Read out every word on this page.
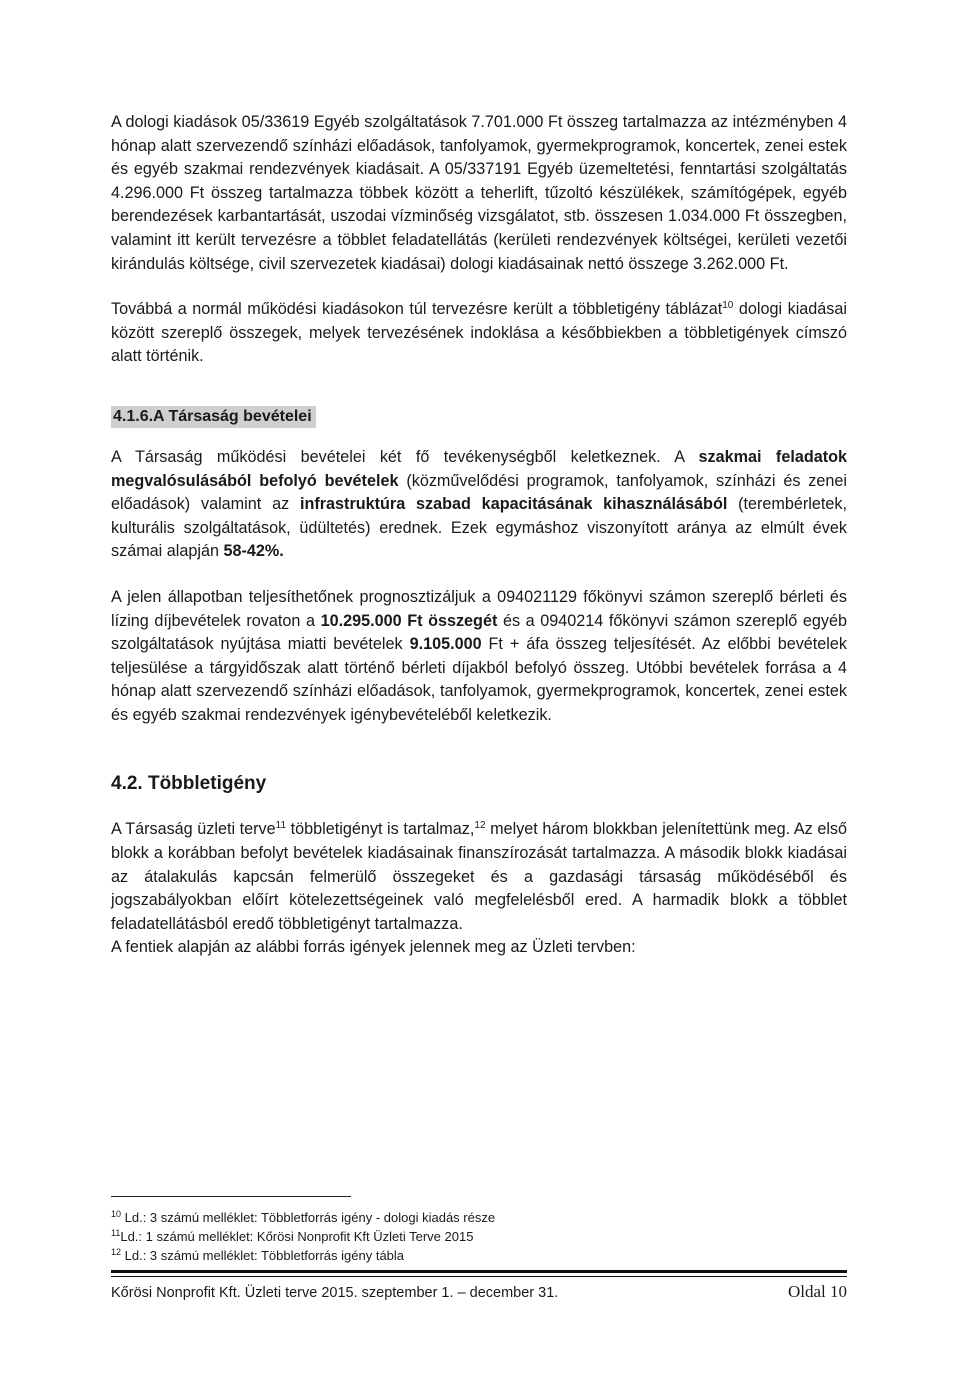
A dologi kiadások 05/33619 Egyéb szolgáltatások 7.701.000 Ft összeg tartalmazza az intézményben 4 hónap alatt szervezendő színházi előadások, tanfolyamok, gyermekprogramok, koncertek, zenei estek és egyéb szakmai rendezvények kiadásait. A 05/337191 Egyéb üzemeltetési, fenntartási szolgáltatás 4.296.000 Ft összeg tartalmazza többek között a teherlift, tűzoltó készülékek, számítógépek, egyéb berendezések karbantartását, uszodai vízminőség vizsgálatot, stb. összesen 1.034.000 Ft összegben, valamint itt került tervezésre a többlet feladatellátás (kerületi rendezvények költségei, kerületi vezetői kirándulás költsége, civil szervezetek kiadásai) dologi kiadásainak nettó összege 3.262.000 Ft.

Továbbá a normál működési kiadásokon túl tervezésre került a többletigény táblázat$^{10}$ dologi kiadásai között szereplő összegek, melyek tervezésének indoklása a későbbiekben a többletigények címszó alatt történik.

4.1.6.A Társaság bevételei

A Társaság működési bevételei két fő tevékenységből keletkeznek. A szakmai feladatok megvalósulásából befolyó bevételek (közművelődési programok, tanfolyamok, színházi és zenei előadások) valamint az infrastruktúra szabad kapacitásának kihasználásából (terembérletek, kulturális szolgáltatások, üdültetés) erednek. Ezek egymáshoz viszonyított aránya az elmúlt évek számai alapján 58-42%.

A jelen állapotban teljesíthetőnek prognosztizáljuk a 094021129 főkönyvi számon szereplő bérleti és lízing díjbevételek rovaton a 10.295.000 Ft összegét és a 0940214 főkönyvi számon szereplő egyéb szolgáltatások nyújtása miatti bevételek 9.105.000 Ft + áfa összeg teljesítését. Az előbbi bevételek teljesülése a tárgyidőszak alatt történő bérleti díjakból befolyó összeg. Utóbbi bevételek forrása a 4 hónap alatt szervezendő színházi előadások, tanfolyamok, gyermekprogramok, koncertek, zenei estek és egyéb szakmai rendezvények igénybevételéből keletkezik.

4.2. Többletigény

A Társaság üzleti terve$^{11}$ többletigényt is tartalmaz,$^{12}$ melyet három blokkban jelenítettünk meg. Az első blokk a korábban befolyt bevételek kiadásainak finanszírozását tartalmazza. A második blokk kiadásai az átalakulás kapcsán felmerülő összegeket és a gazdasági társaság működéséből és jogszabályokban előírt kötelezettségeinek való megfelelésből ered. A harmadik blokk a többlet feladatellátásból eredő többletigényt tartalmazza.

A fentiek alapján az alábbi forrás igények jelennek meg az Üzleti tervben:

$^{10}$ Ld.: 3 számú melléklet: Többletforrás igény - dologi kiadás része
$^{11}$Ld.: 1 számú melléklet: Kőrösi Nonprofit Kft Üzleti Terve 2015
$^{12}$ Ld.: 3 számú melléklet: Többletforrás igény tábla
Kőrösi Nonprofit Kft. Üzleti terve 2015. szeptember 1. – december 31.	Oldal 10
